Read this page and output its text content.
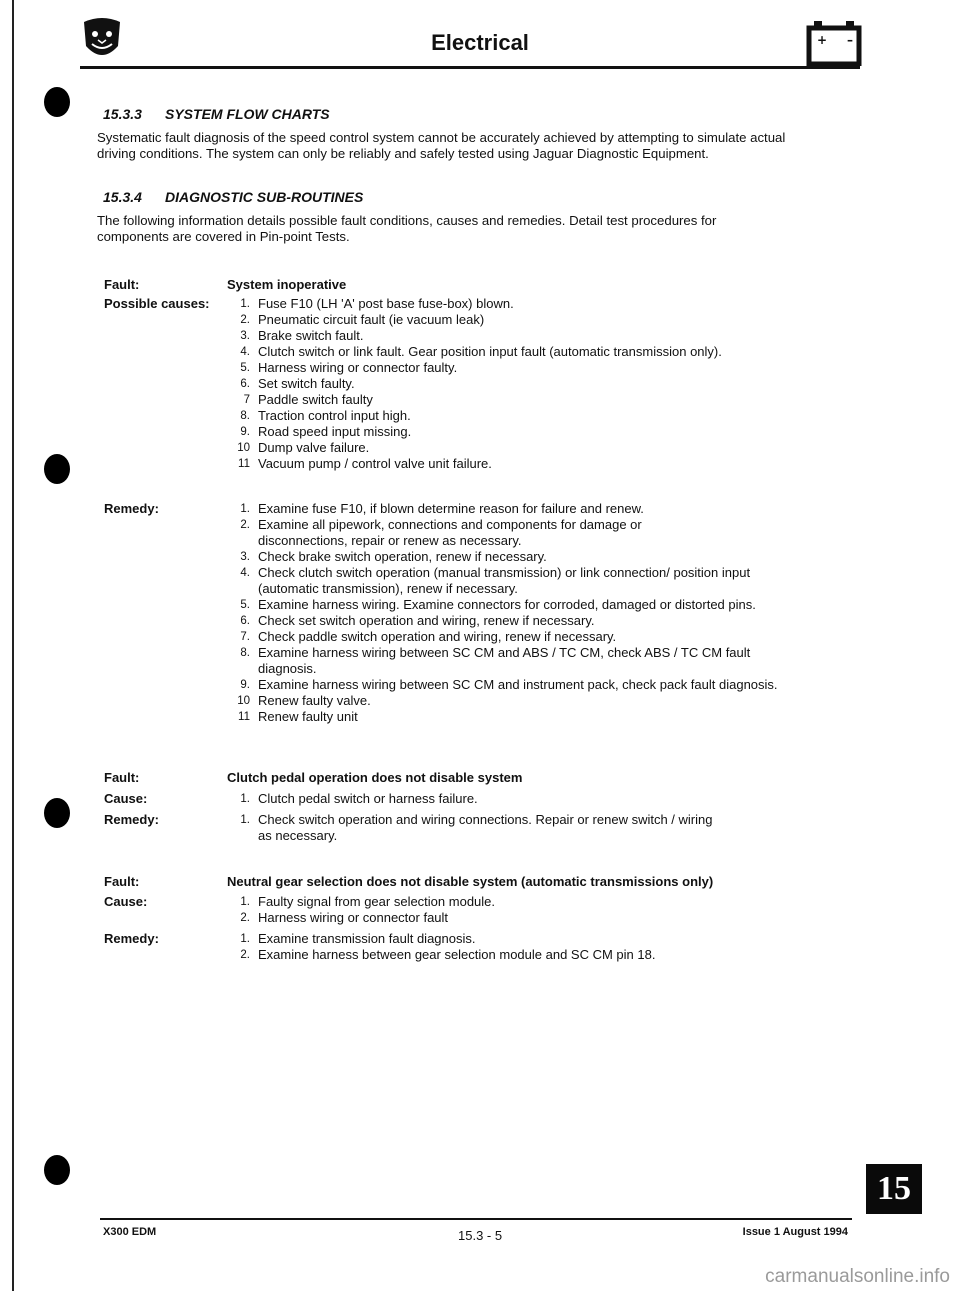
Electrical	+ –
15.3.3 SYSTEM FLOW CHARTS
Systematic fault diagnosis of the speed control system cannot be accurately achieved by attempting to simulate actual
driving conditions. The system can only be reliably and safely tested using Jaguar Diagnostic Equipment.
15.3.4 DIAGNOSTIC SUB-ROUTINES
The following information details possible fault conditions, causes and remedies. Detail test procedures for
components are covered in Pin-point Tests.
Fault:	System inoperative
Possible causes:	1. Fuse F10 (LH 'A' post base fuse-box) blown.
2. Pneumatic circuit fault (ie vacuum leak)
3. Brake switch fault.
4. Clutch switch or link fault. Gear position input fault (automatic transmission only).
5. Harness wiring or connector faulty.
6. Set switch faulty.
7 Paddle switch faulty
8. Traction control input high.
9. Road speed input missing.
10 Dump valve failure.
11 Vacuum pump / control valve unit failure.
Remedy:	1. Examine fuse F10, if blown determine reason for failure and renew.
2. Examine all pipework, connections and components for damage or
disconnections, repair or renew as necessary.
3. Check brake switch operation, renew if necessary.
4. Check clutch switch operation (manual transmission) or link connection/ position input
(automatic transmission), renew if necessary.
5. Examine harness wiring. Examine connectors for corroded, damaged or distorted pins.
6. Check set switch operation and wiring, renew if necessary.
7. Check paddle switch operation and wiring, renew if necessary.
8. Examine harness wiring between SC CM and ABS / TC CM, check ABS / TC CM fault
diagnosis.
9. Examine harness wiring between SC CM and instrument pack, check pack fault diagnosis.
10 Renew faulty valve.
11 Renew faulty unit
Fault:	Clutch pedal operation does not disable system
Cause:	1. Clutch pedal switch or harness failure.
Remedy:	1. Check switch operation and wiring connections. Repair or renew switch / wiring
as necessary.
Fault:	Neutral gear selection does not disable system (automatic transmissions only)
Cause:	1. Faulty signal from gear selection module.
2. Harness wiring or connector fault
Remedy:	1. Examine transmission fault diagnosis.
2. Examine harness between gear selection module and SC CM pin 18.
15
X300 EDM	15.3 - 5	Issue 1 August 1994
carmanualsonline.info
